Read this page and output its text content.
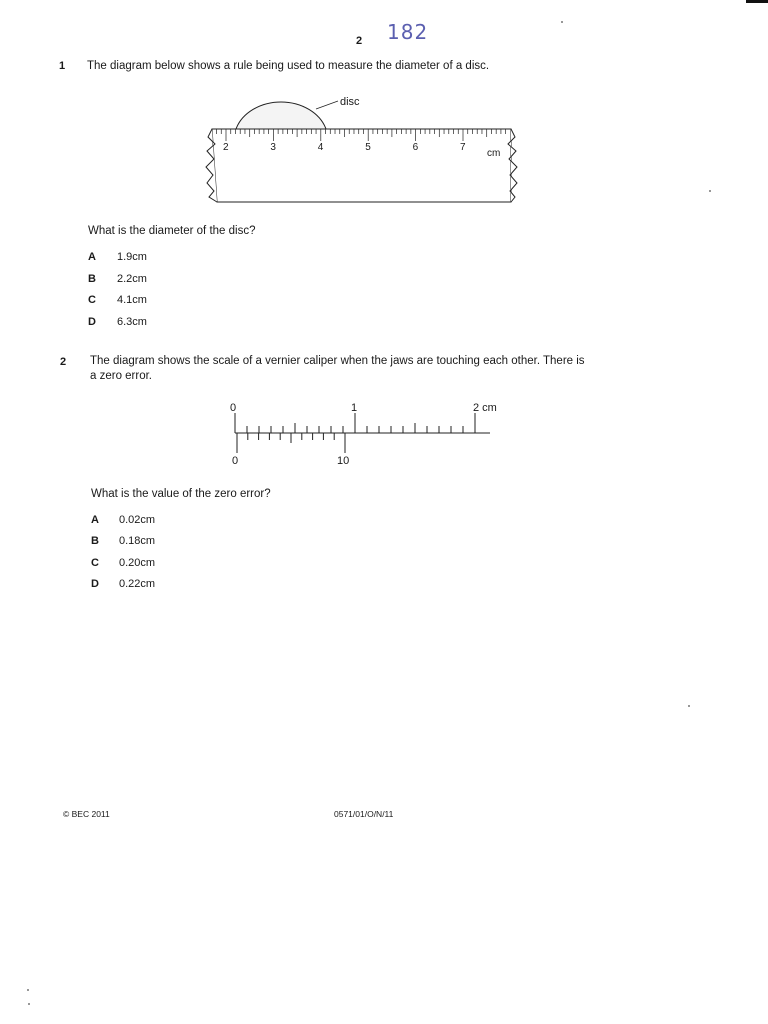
2 182
1 The diagram below shows a rule being used to measure the diameter of a disc.
disc
2	3	4	5	6	7
cm
What is the diameter of the disc?
A 1.9cm
B 2.2cm
C 4.1cm
D 6.3cm
2 The diagram shows the scale of a vernier caliper when the jaws are touching each other. There is
a zero error.
0	1	2 cm
0	10
What is the value of the zero error?
A 0.02cm
B 0.18cm
C 0.20cm
D 0.22cm
© BEC 2011	0571/01/O/N/11
